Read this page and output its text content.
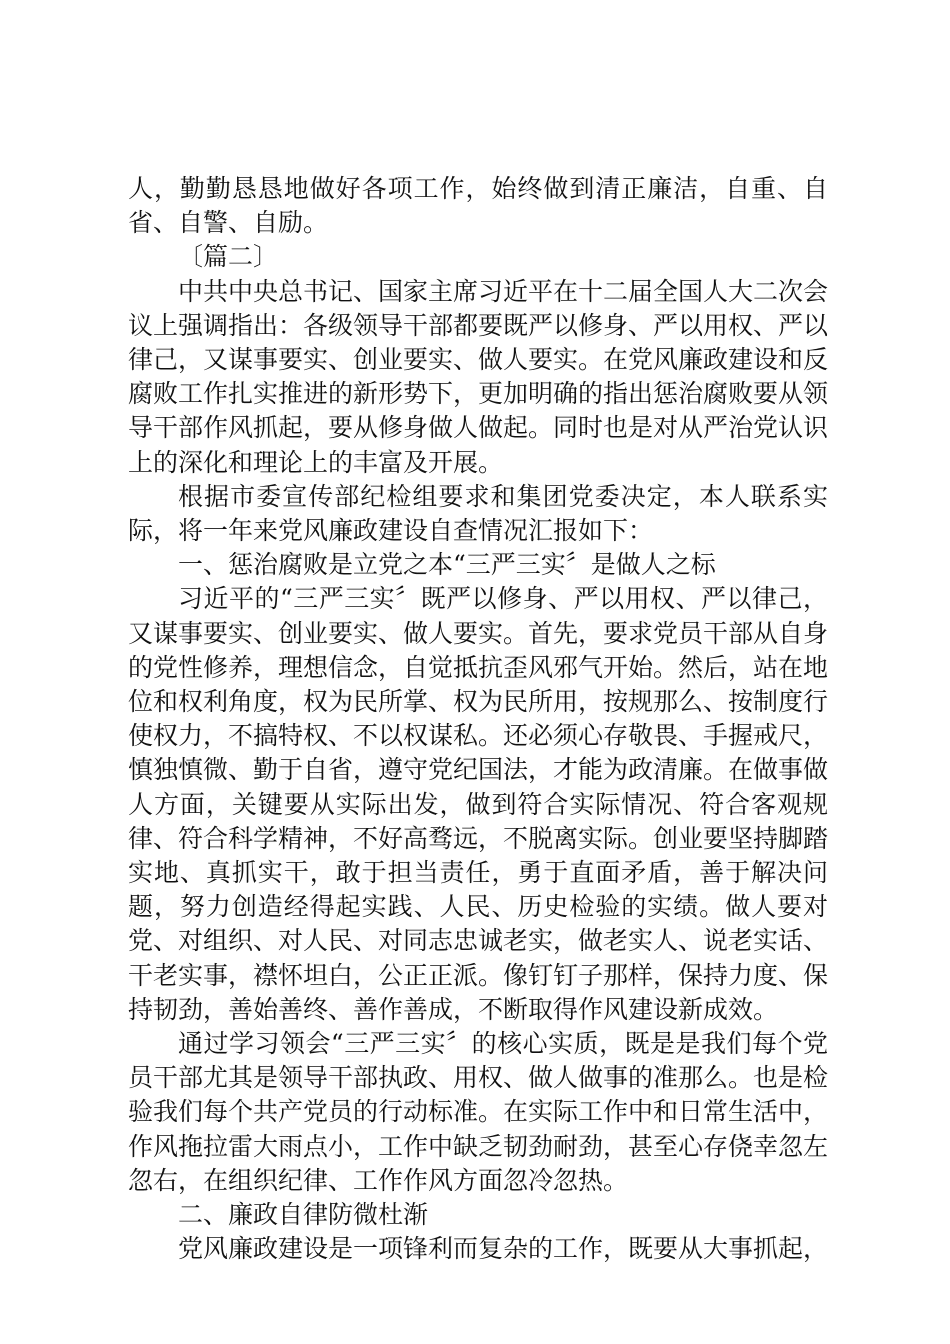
人，勤勤恳恳地做好各项工作，始终做到清正廉洁，自重、自省、自警、自励。

〔篇二〕

中共中央总书记、国家主席习近平在十二届全国人大二次会议上强调指出：各级领导干部都要既严以修身、严以用权、严以律己，又谋事要实、创业要实、做人要实。在党风廉政建设和反腐败工作扎实推进的新形势下，更加明确的指出惩治腐败要从领导干部作风抓起，要从修身做人做起。同时也是对从严治党认识上的深化和理论上的丰富及开展。

根据市委宣传部纪检组要求和集团党委决定，本人联系实际，将一年来党风廉政建设自查情况汇报如下：

一、惩治腐败是立党之本“三严三实〞是做人之标

习近平的“三严三实〞既严以修身、严以用权、严以律己，又谋事要实、创业要实、做人要实。首先，要求党员干部从自身的党性修养，理想信念，自觉抵抗歪风邪气开始。然后，站在地位和权利角度，权为民所掌、权为民所用，按规那么、按制度行使权力，不搞特权、不以权谋私。还必须心存敬畏、手握戒尺，慎独慎微、勤于自省，遵守党纪国法，才能为政清廉。在做事做人方面，关键要从实际出发，做到符合实际情况、符合客观规律、符合科学精神，不好高骛远，不脱离实际。创业要坚持脚踏实地、真抓实干，敢于担当责任，勇于直面矛盾，善于解决问题，努力创造经得起实践、人民、历史检验的实绩。做人要对党、对组织、对人民、对同志忠诚老实，做老实人、说老实话、干老实事，襟怀坦白，公正正派。像钉钉子那样，保持力度、保持韧劲，善始善终、善作善成，不断取得作风建设新成效。

通过学习领会“三严三实〞的核心实质，既是是我们每个党员干部尤其是领导干部执政、用权、做人做事的准那么。也是检验我们每个共产党员的行动标准。在实际工作中和日常生活中，作风拖拉雷大雨点小，工作中缺乏韧劲耐劲，甚至心存侥幸忽左忽右，在组织纪律、工作作风方面忽冷忽热。

二、廉政自律防微杜渐

党风廉政建设是一项锋利而复杂的工作，既要从大事抓起，
